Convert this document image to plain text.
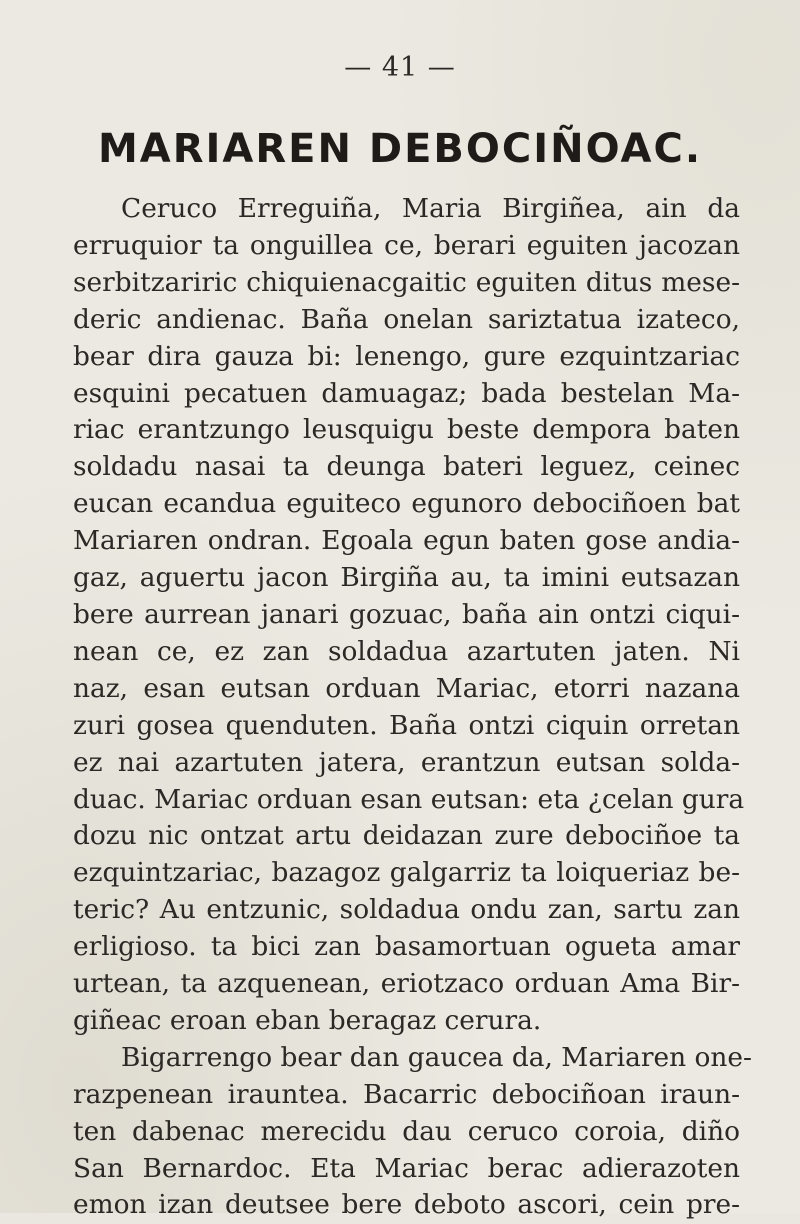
— 41 —
MARIAREN DEBOCIÑOAC.
Ceruco Erreguiña, Maria Birgiñea, ain da
erruquior ta onguillea ce, berari eguiten jacozan
serbitzariric chiquienacgaitic eguiten ditus mese-
deric andienac. Baña onelan sariztatua izateco,
bear dira gauza bi: lenengo, gure ezquintzariac
esquini pecatuen damuagaz; bada bestelan Ma-
riac erantzungo leusquigu beste dempora baten
soldadu nasai ta deunga bateri leguez, ceinec
eucan ecandua eguiteco egunoro debociñoen bat
Mariaren ondran. Egoala egun baten gose andia-
gaz, aguertu jacon Birgiña au, ta imini eutsazan
bere aurrean janari gozuac, baña ain ontzi ciqui-
nean ce, ez zan soldadua azartuten jaten. Ni
naz, esan eutsan orduan Mariac, etorri nazana
zuri gosea quenduten. Baña ontzi ciquin orretan
ez nai azartuten jatera, erantzun eutsan solda-
duac. Mariac orduan esan eutsan: eta ¿celan gura
dozu nic ontzat artu deidazan zure debociñoe ta
ezquintzariac, bazagoz galgarriz ta loiqueriaz be-
teric? Au entzunic, soldadua ondu zan, sartu zan
erligioso. ta bici zan basamortuan ogueta amar
urtean, ta azquenean, eriotzaco orduan Ama Bir-
giñeac eroan eban beragaz cerura.
Bigarrengo bear dan gaucea da, Mariaren one-
razpenean irauntea. Bacarric debociñoan iraun-
ten dabenac merecidu dau ceruco coroia, diño
San Bernardoc. Eta Mariac berac adierazoten
emon izan deutsee bere deboto ascori, cein pre-
